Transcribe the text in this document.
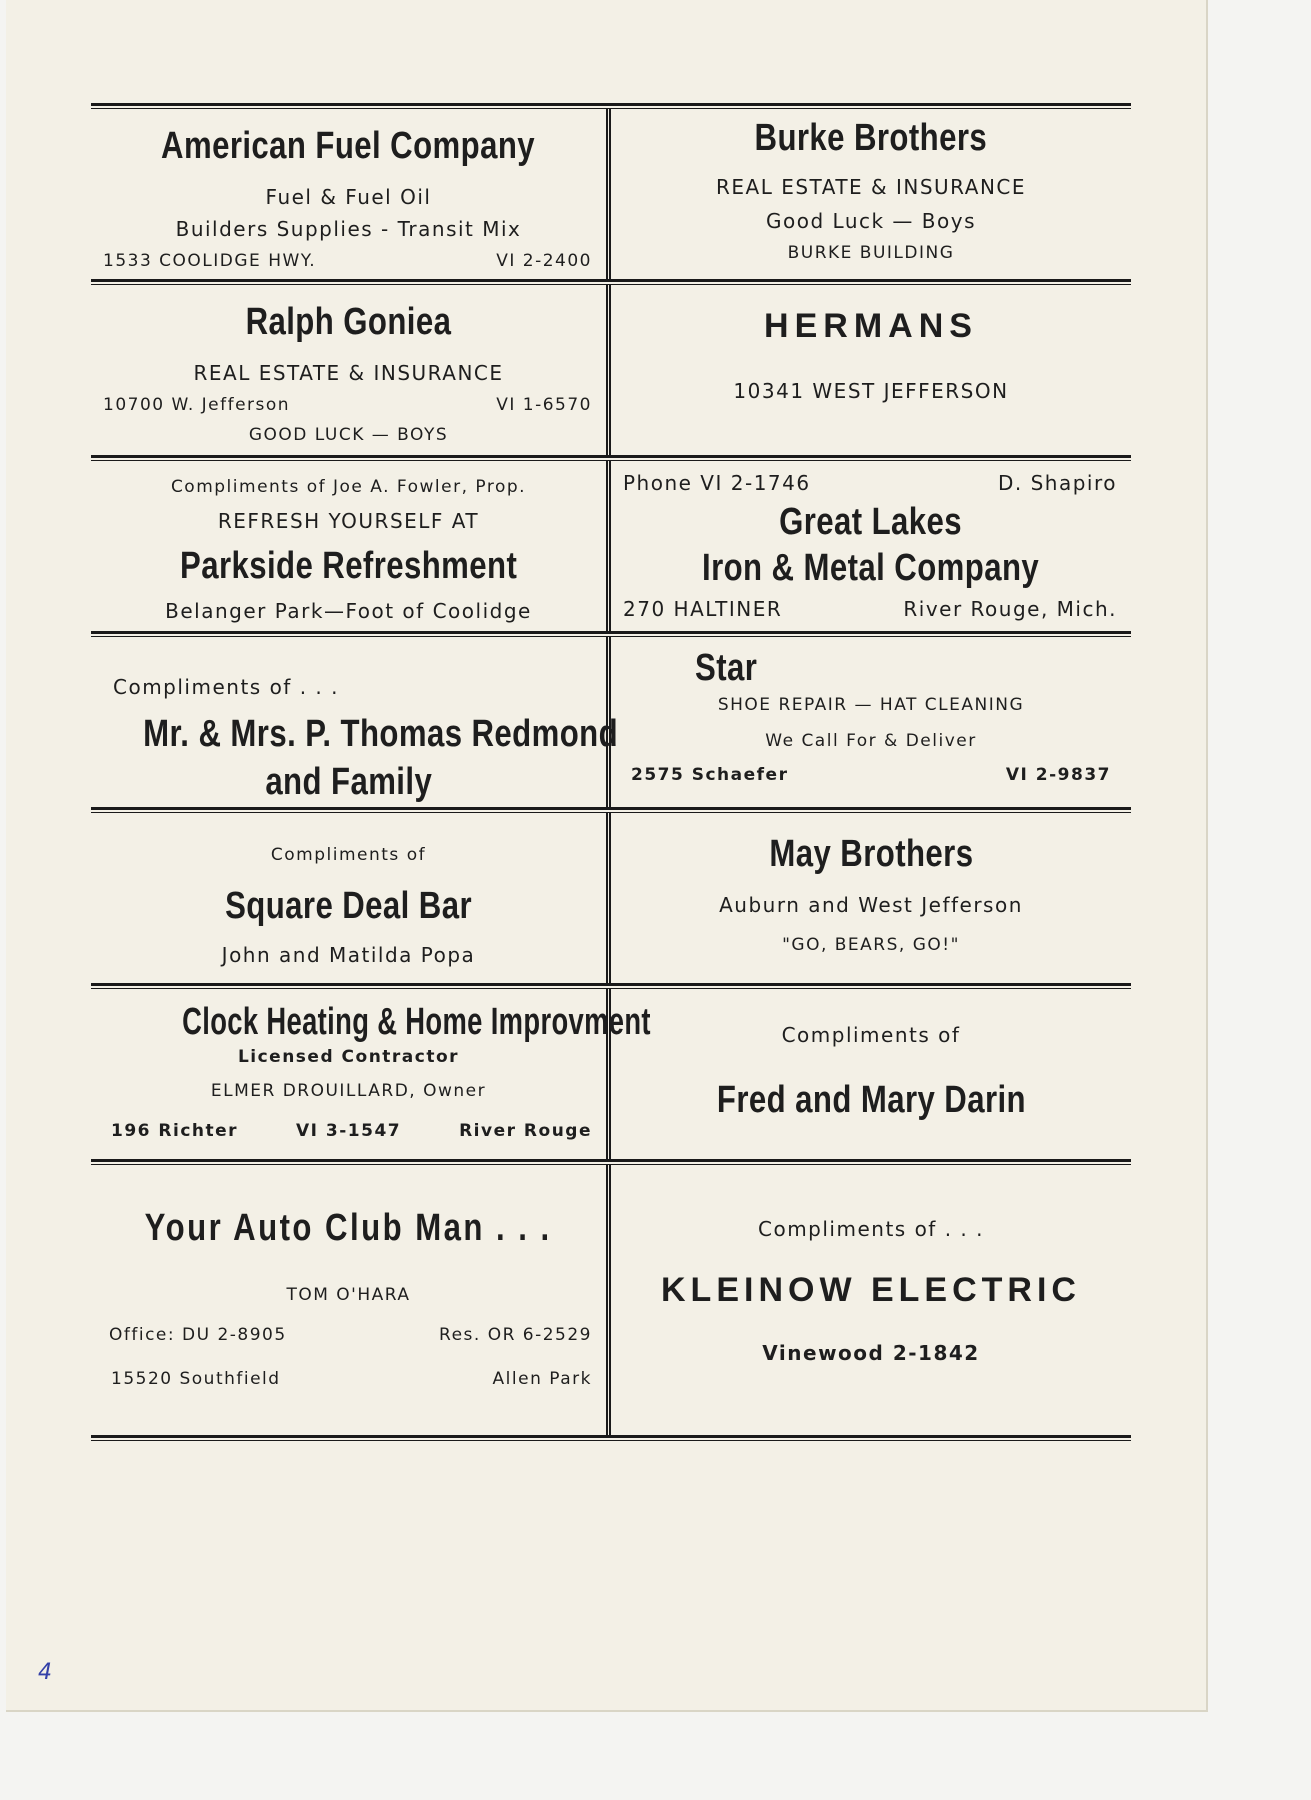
American Fuel Company
Fuel & Fuel Oil
Builders Supplies - Transit Mix
1533 COOLIDGE HWY.	VI 2-2400
Burke Brothers
REAL ESTATE & INSURANCE
Good Luck — Boys
BURKE BUILDING
Ralph Goniea
REAL ESTATE & INSURANCE
10700 W. Jefferson	VI 1-6570
GOOD LUCK — BOYS
HERMANS
10341 WEST JEFFERSON
Compliments of Joe A. Fowler, Prop.
REFRESH YOURSELF AT
Parkside Refreshment
Belanger Park—Foot of Coolidge
Phone VI 2-1746	D. Shapiro
Great Lakes
Iron & Metal Company
270 HALTINER	River Rouge, Mich.
Compliments of . . .
Mr. & Mrs. P. Thomas Redmond
and Family
Star
SHOE REPAIR — HAT CLEANING
We Call For & Deliver
2575 Schaefer	VI 2-9837
Compliments of
Square Deal Bar
John and Matilda Popa
May Brothers
Auburn and West Jefferson
"GO, BEARS, GO!"
Clock Heating & Home Improvment
Licensed Contractor
ELMER DROUILLARD, Owner
196 Richter	VI 3-1547	River Rouge
Compliments of
Fred and Mary Darin
Your Auto Club Man . . .
TOM O'HARA
Office: DU 2-8905	Res. OR 6-2529
15520 Southfield	Allen Park
Compliments of . . .
KLEINOW ELECTRIC
Vinewood 2-1842
4
